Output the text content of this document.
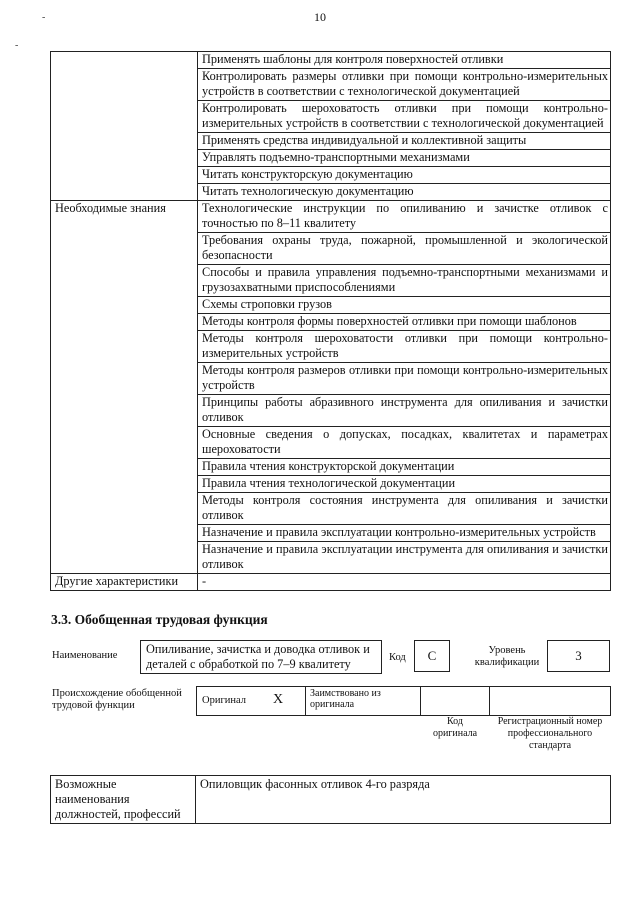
10
-
-
	Применять шаблоны для контроля поверхностей отливки
	Контролировать размеры отливки при помощи контрольно-измерительных устройств в соответствии с технологической документацией
	Контролировать шероховатость отливки при помощи контрольно-измерительных устройств в соответствии с технологической документацией
	Применять средства индивидуальной и коллективной защиты
	Управлять подъемно-транспортными механизмами
	Читать конструкторскую документацию
	Читать технологическую документацию
Необходимые знания	Технологические инструкции по опиливанию и зачистке отливок с точностью по 8–11 квалитету
	Требования охраны труда, пожарной, промышленной и экологической безопасности
	Способы и правила управления подъемно-транспортными механизмами и грузозахватными приспособлениями
	Схемы строповки грузов
	Методы контроля формы поверхностей отливки при помощи шаблонов
	Методы контроля шероховатости отливки при помощи контрольно-измерительных устройств
	Методы контроля размеров отливки при помощи контрольно-измерительных устройств
	Принципы работы абразивного инструмента для опиливания и зачистки отливок
	Основные сведения о допусках, посадках, квалитетах и параметрах шероховатости
	Правила чтения конструкторской документации
	Правила чтения технологической документации
	Методы контроля состояния инструмента для опиливания и зачистки отливок
	Назначение и правила эксплуатации контрольно-измерительных устройств
	Назначение и правила эксплуатации инструмента для опиливания и зачистки отливок
Другие характеристики	-
3.3. Обобщенная трудовая функция
Наименование	Опиливание, зачистка и доводка отливок и деталей с обработкой по 7–9 квалитету	Код	С	Уровень квалификации	3
Происхождение обобщенной трудовой функции	Оригинал Х	Заимствовано из оригинала
Код оригинала
Регистрационный номер профессионального стандарта
Возможные наименования должностей, профессий	Опиловщик фасонных отливок 4-го разряда
